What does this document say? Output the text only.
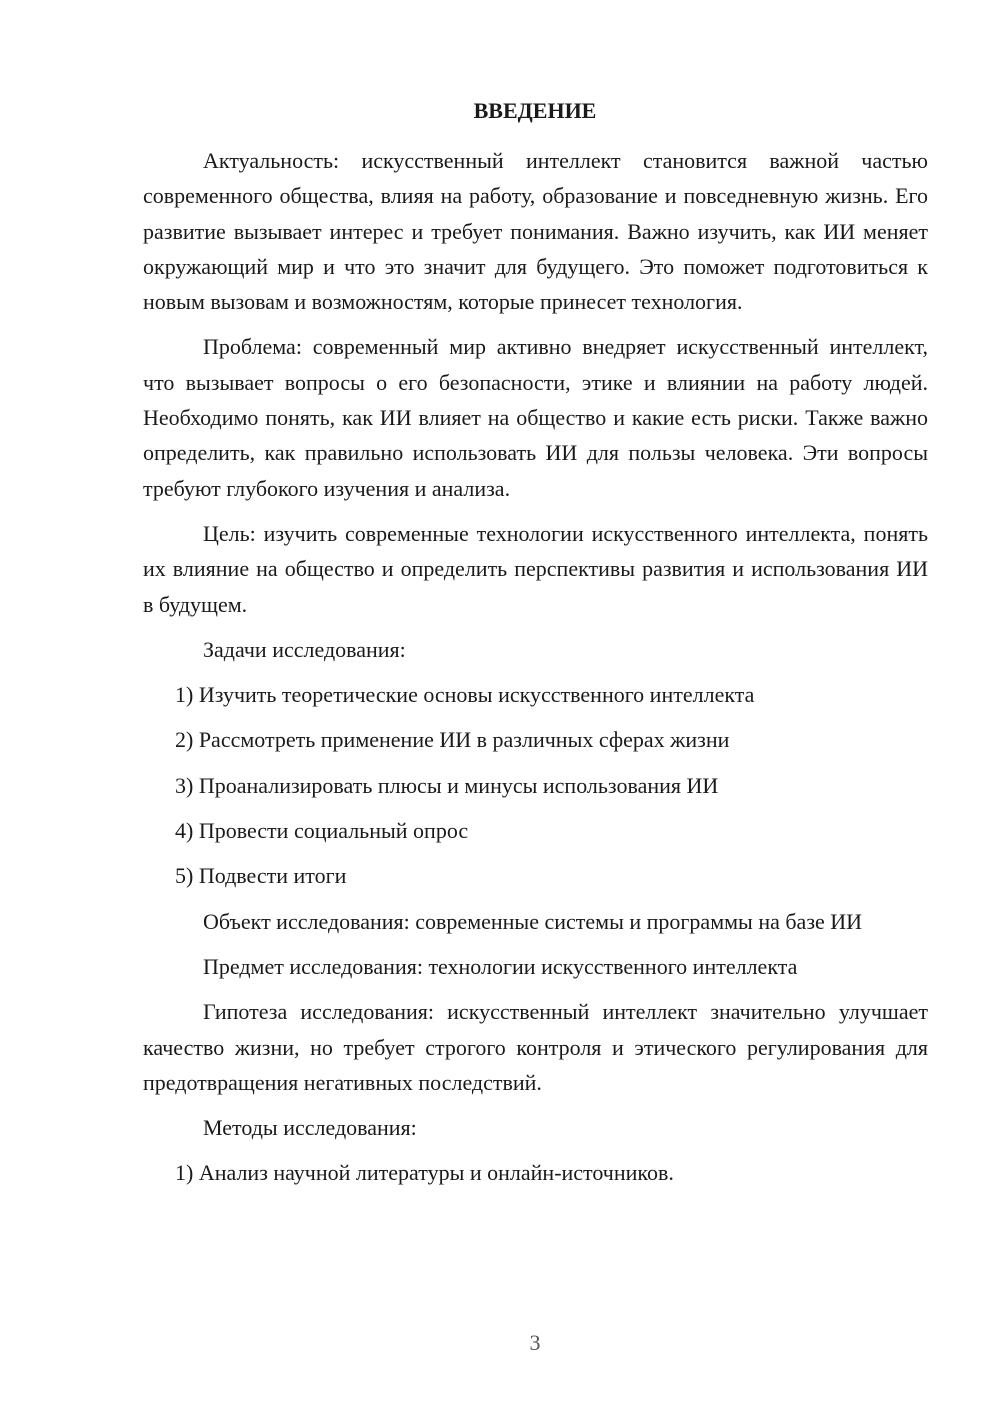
ВВЕДЕНИЕ

Актуальность: искусственный интеллект становится важной частью современного общества, влияя на работу, образование и повседневную жизнь. Его развитие вызывает интерес и требует понимания. Важно изучить, как ИИ меняет окружающий мир и что это значит для будущего. Это поможет подготовиться к новым вызовам и возможностям, которые принесет технология.

Проблема: современный мир активно внедряет искусственный интеллект, что вызывает вопросы о его безопасности, этике и влиянии на работу людей. Необходимо понять, как ИИ влияет на общество и какие есть риски. Также важно определить, как правильно использовать ИИ для пользы человека. Эти вопросы требуют глубокого изучения и анализа.

Цель: изучить современные технологии искусственного интеллекта, понять их влияние на общество и определить перспективы развития и использования ИИ в будущем.

Задачи исследования:

1) Изучить теоретические основы искусственного интеллекта

2) Рассмотреть применение ИИ в различных сферах жизни

3) Проанализировать плюсы и минусы использования ИИ

4) Провести социальный опрос

5) Подвести итоги

Объект исследования: современные системы и программы на базе ИИ

Предмет исследования: технологии искусственного интеллекта

Гипотеза исследования: искусственный интеллект значительно улучшает качество жизни, но требует строгого контроля и этического регулирования для предотвращения негативных последствий.

Методы исследования:

1) Анализ научной литературы и онлайн-источников.

3
